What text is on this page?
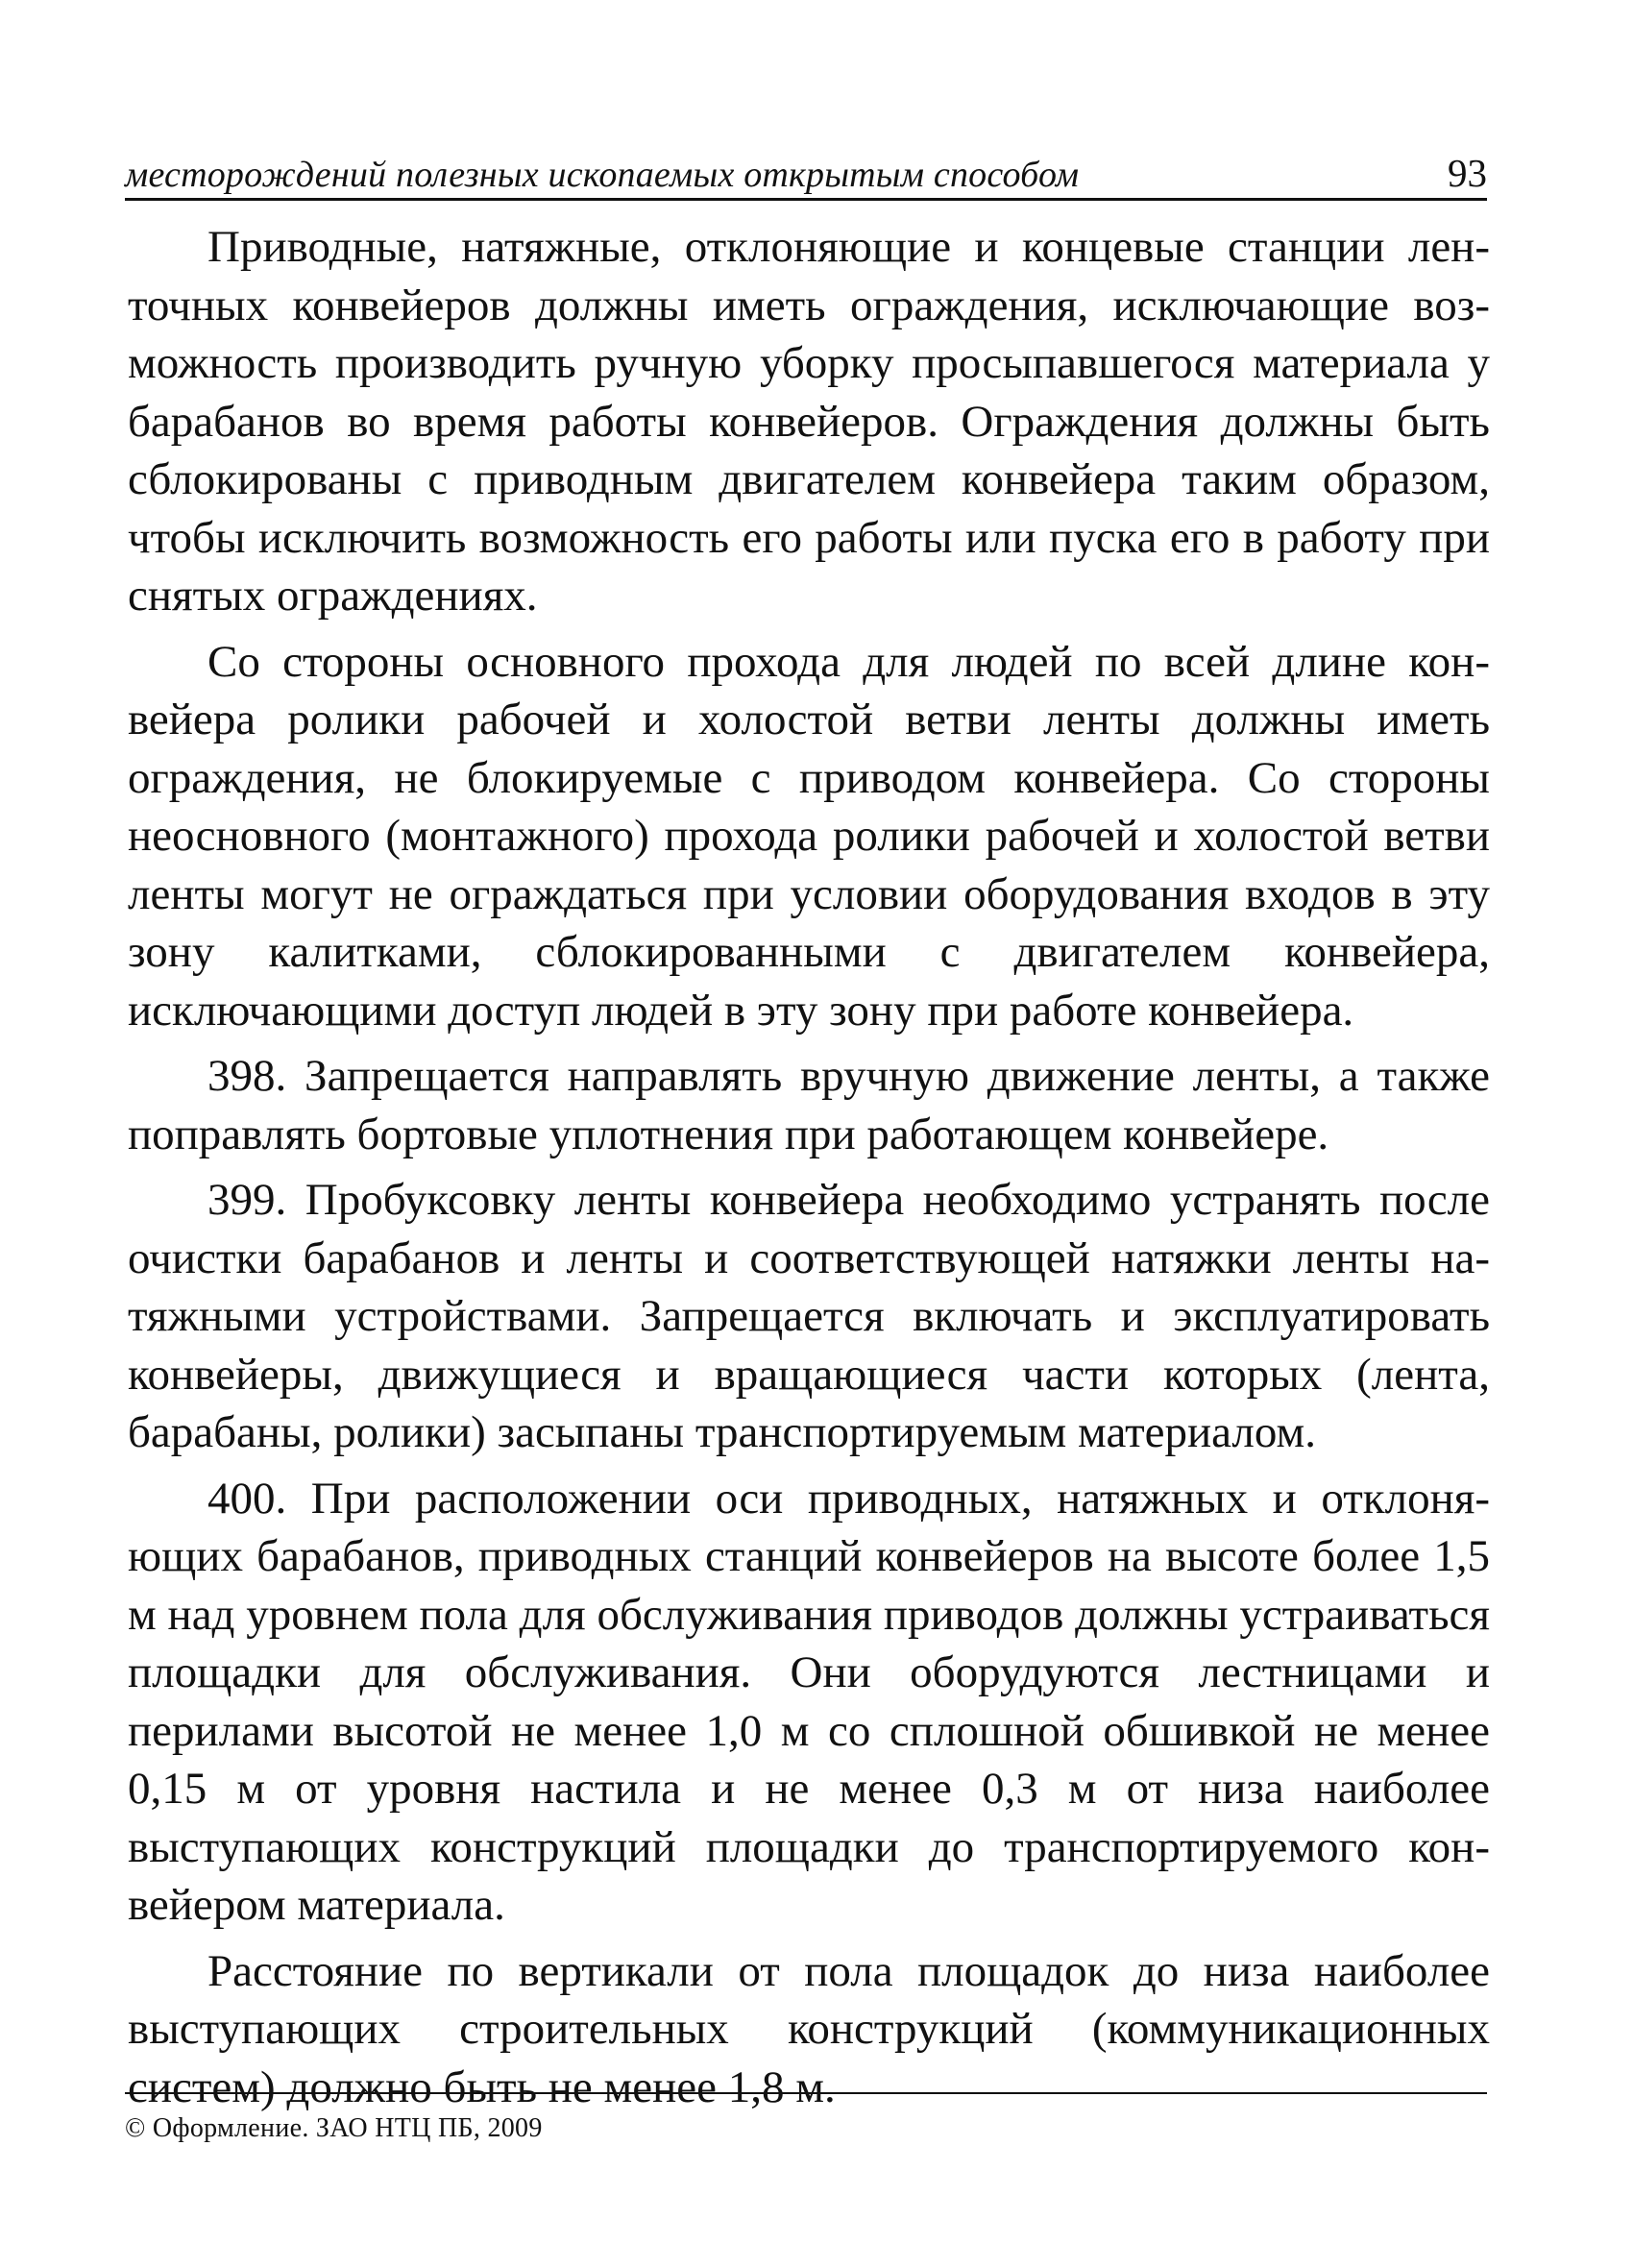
месторождений полезных ископаемых открытым способом	93

Приводные, натяжные, отклоняющие и концевые станции ленточных конвейеров должны иметь ограждения, исключающие возможность производить ручную уборку просыпавшегося материала у барабанов во время работы конвейеров. Ограждения должны быть сблокированы с приводным двигателем конвейера таким образом, чтобы исключить возможность его работы или пуска его в работу при снятых ограждениях.

Со стороны основного прохода для людей по всей длине конвейера ролики рабочей и холостой ветви ленты должны иметь ограждения, не блокируемые с приводом конвейера. Со стороны неосновного (монтажного) прохода ролики рабочей и холостой ветви ленты могут не ограждаться при условии оборудования входов в эту зону калитками, сблокированными с двигателем конвейера, исключающими доступ людей в эту зону при работе конвейера.

398. Запрещается направлять вручную движение ленты, а также поправлять бортовые уплотнения при работающем конвейере.

399. Пробуксовку ленты конвейера необходимо устранять после очистки барабанов и ленты и соответствующей натяжки ленты натяжными устройствами. Запрещается включать и эксплуатировать конвейеры, движущиеся и вращающиеся части которых (лента, барабаны, ролики) засыпаны транспортируемым материалом.

400. При расположении оси приводных, натяжных и отклоняющих барабанов, приводных станций конвейеров на высоте более 1,5 м над уровнем пола для обслуживания приводов должны устраиваться площадки для обслуживания. Они оборудуются лестницами и перилами высотой не менее 1,0 м со сплошной обшивкой не менее 0,15 м от уровня настила и не менее 0,3 м от низа наиболее выступающих конструкций площадки до транспортируемого конвейером материала.

Расстояние по вертикали от пола площадок до низа наиболее выступающих строительных конструкций (коммуникационных систем) должно быть не менее 1,8 м.

© Оформление. ЗАО НТЦ ПБ, 2009
